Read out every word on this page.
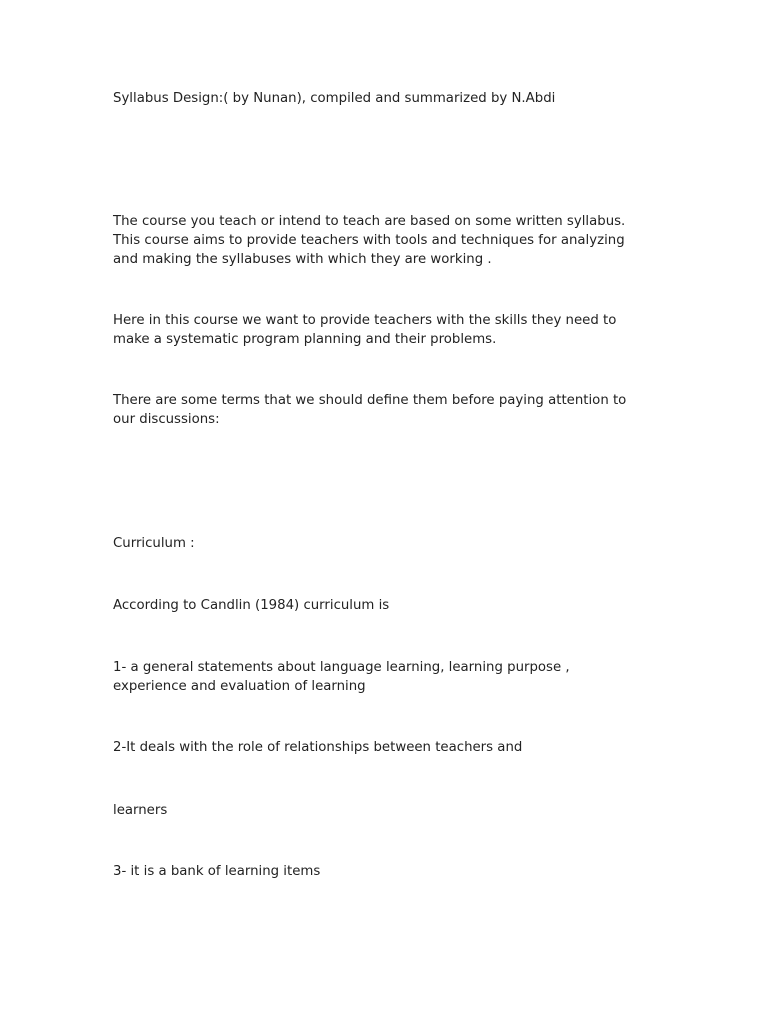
Syllabus Design:( by Nunan), compiled and summarized by N.Abdi

The course you teach or intend to teach are based on some written syllabus.

This course aims to provide teachers with tools and techniques for analyzing

and making the syllabuses with which they are working .

Here in this course we want to provide teachers with the skills they need to

make a systematic program planning and their problems.

There are some terms that we should define them before paying attention to

our discussions:

Curriculum :

According to Candlin (1984) curriculum is

1- a general statements about language learning, learning purpose ,

experience and evaluation of learning

2-It deals with the role of relationships between teachers and

learners

3- it is a bank of learning items
